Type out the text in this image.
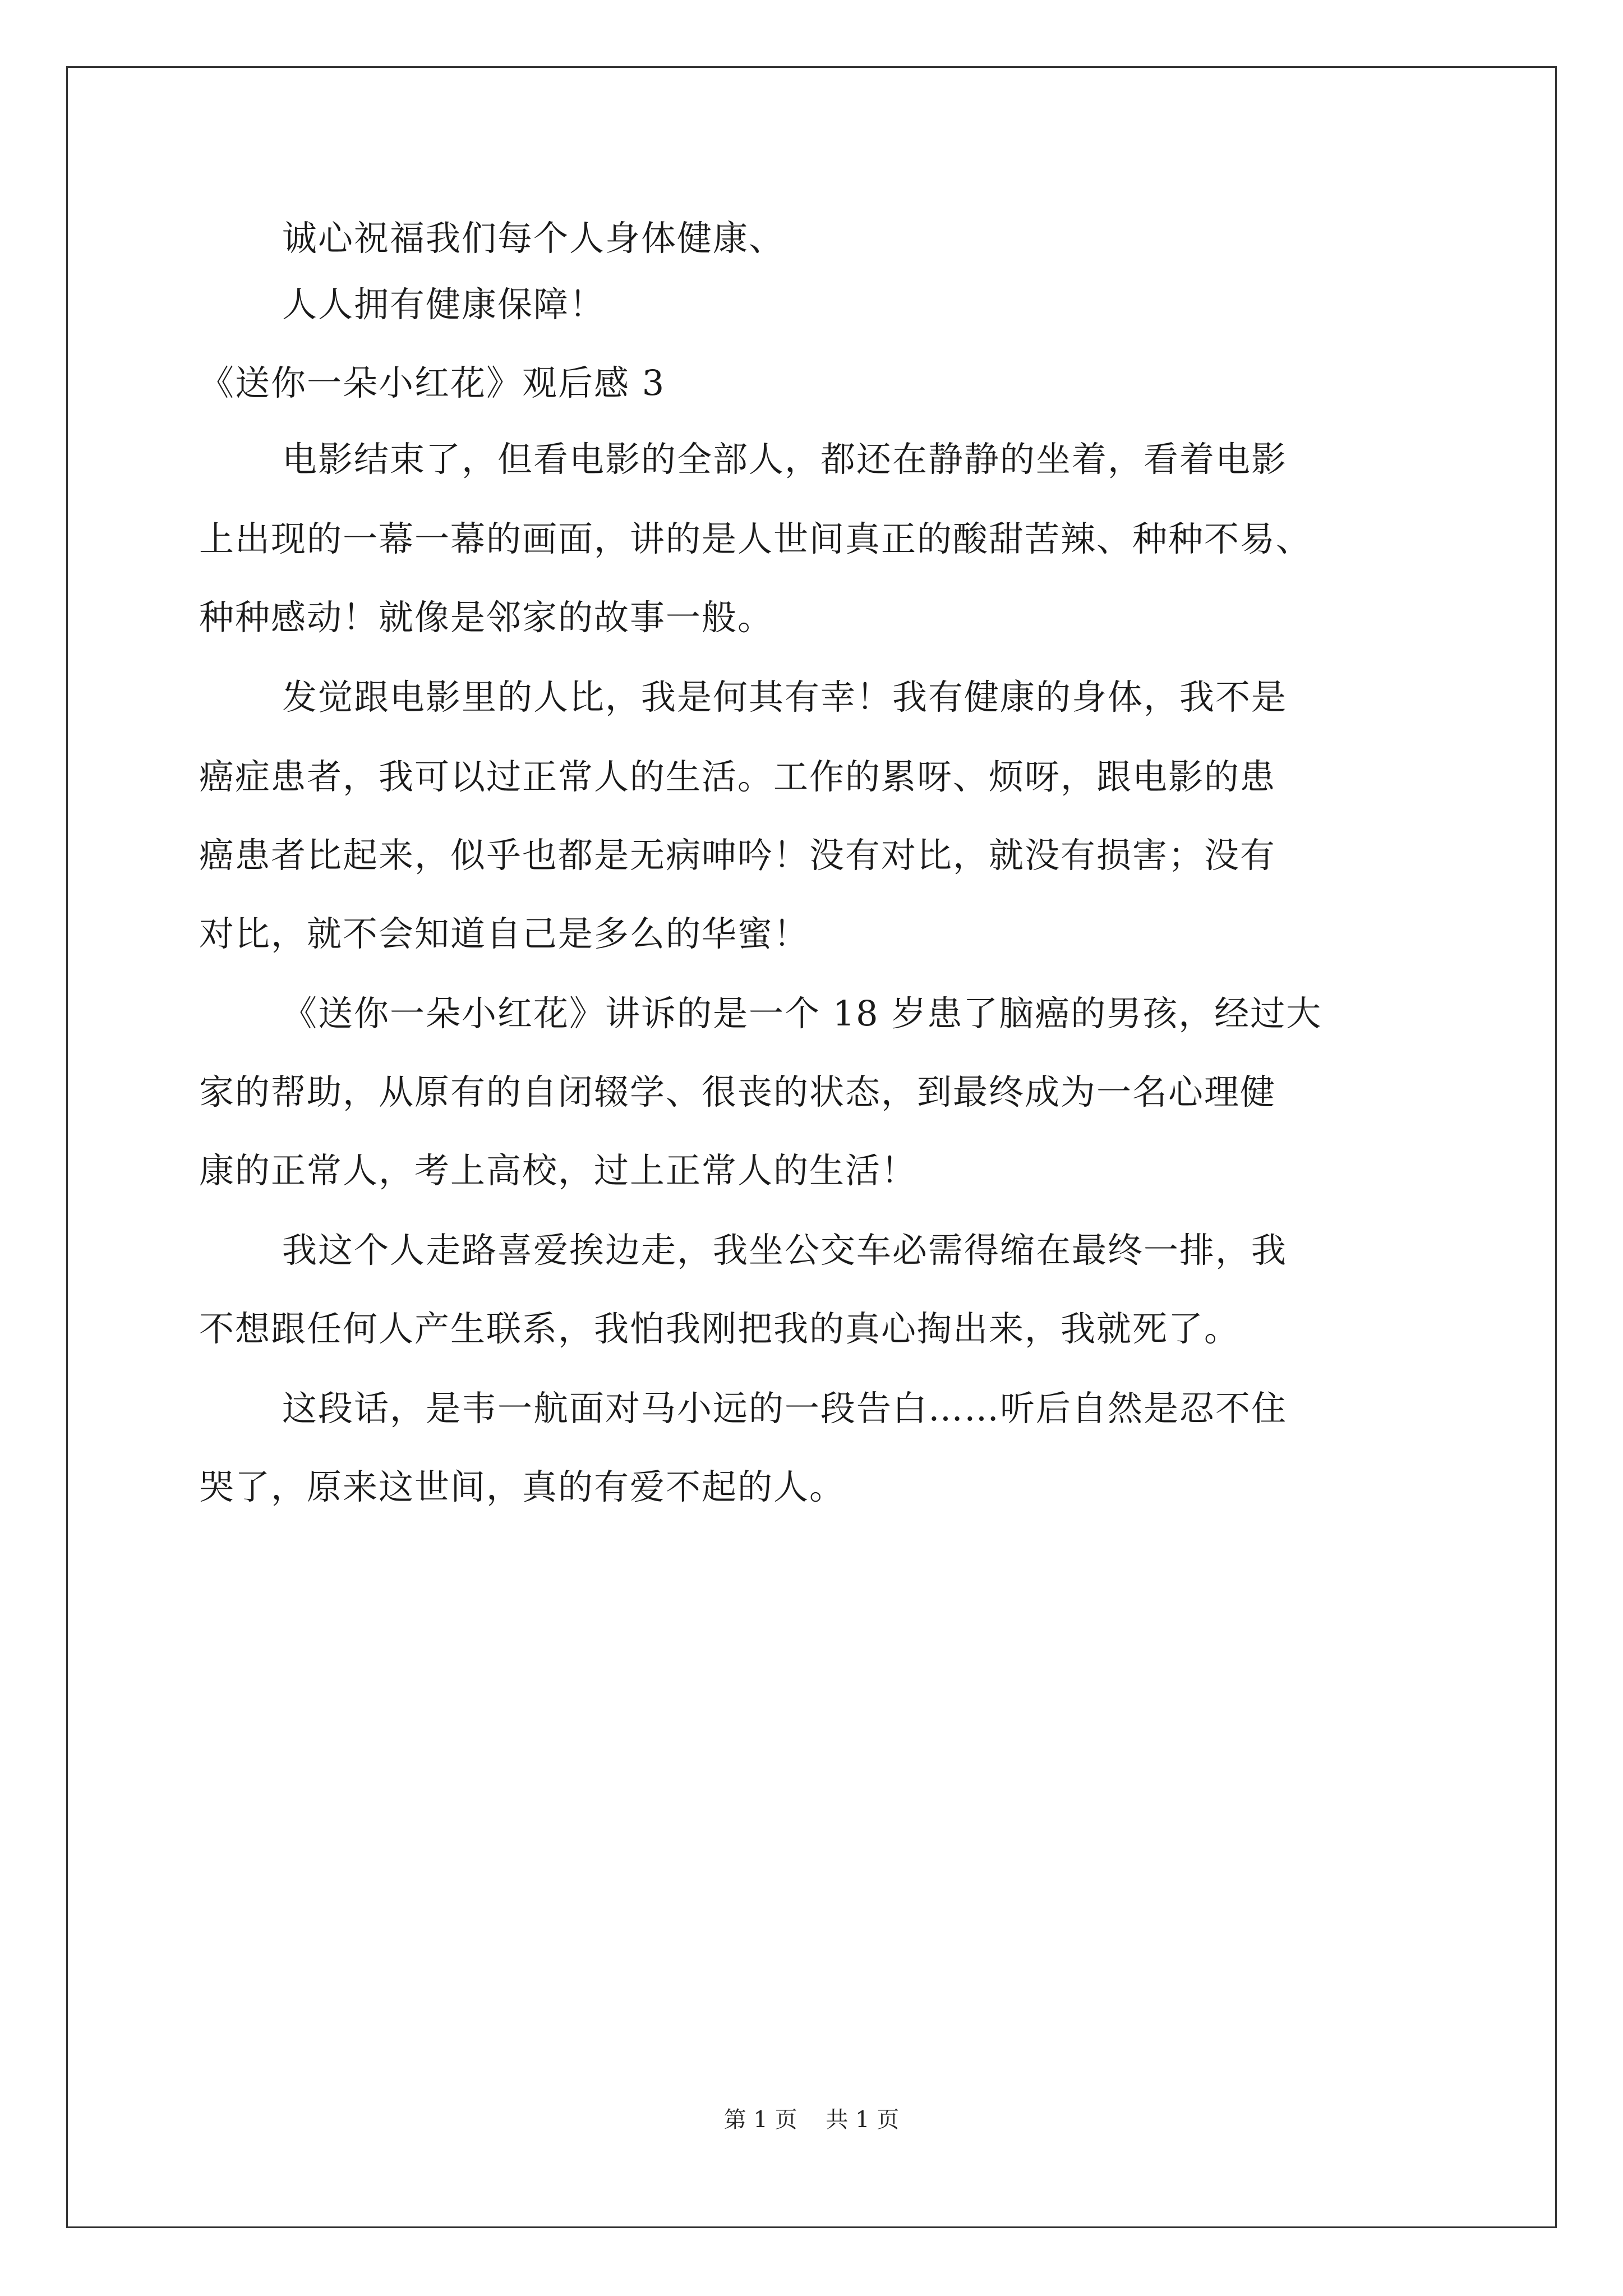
诚心祝福我们每个人身体健康、
人人拥有健康保障！
《送你一朵小红花》观后感 3
电影结束了，但看电影的全部人，都还在静静的坐着，看着电影
上出现的一幕一幕的画面，讲的是人世间真正的酸甜苦辣、种种不易、
种种感动！就像是邻家的故事一般。
发觉跟电影里的人比，我是何其有幸！我有健康的身体，我不是
癌症患者，我可以过正常人的生活。工作的累呀、烦呀，跟电影的患
癌患者比起来，似乎也都是无病呻吟！没有对比，就没有损害；没有
对比，就不会知道自己是多么的华蜜！
《送你一朵小红花》讲诉的是一个 18 岁患了脑癌的男孩，经过大
家的帮助，从原有的自闭辍学、很丧的状态，到最终成为一名心理健
康的正常人，考上高校，过上正常人的生活！
我这个人走路喜爱挨边走，我坐公交车必需得缩在最终一排，我
不想跟任何人产生联系，我怕我刚把我的真心掏出来，我就死了。
这段话，是韦一航面对马小远的一段告白……听后自然是忍不住
哭了，原来这世间，真的有爱不起的人。
第 1 页    共 1 页
